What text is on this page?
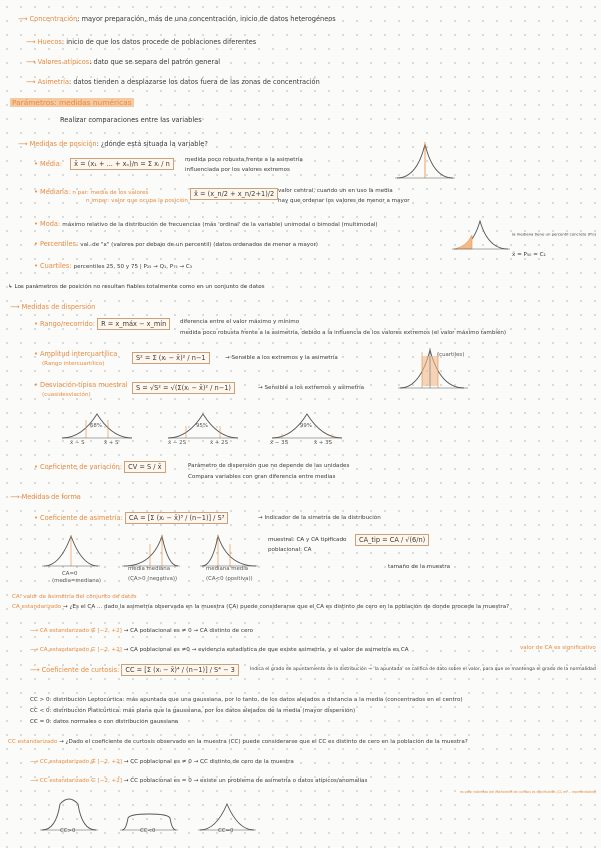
⟶ Concentración: mayor preparación, más de una concentración, inicio de datos heterogéneos
⟶ Huecos: inicio de que los datos procede de poblaciones diferentes
⟶ Valores atípicos: dato que se separa del patrón general
⟶ Asimetría: datos tienden a desplazarse los datos fuera de las zonas de concentración
Parámetros: medidas numéricas
Realizar comparaciones entre las variables
⟶ Medidas de posición: ¿dónde está situada la variable?
• Media: x̄ = (x₁ + ... + xₙ)/n = Σ xᵢ / n	medida poco robusta frente a la asimetría
influenciada por los valores extremos
• Mediana: n par: media de los valores
n impar: valor que ocupa la posición
x̃ = (x_n/2 + x_n/2+1)/2 valor central, cuando un en uso la media
hay que ordenar los valores de menor a mayor
• Moda: máximo relativo de la distribución de frecuencias (más 'ordinal' de la variable) unimodal o bimodal (multimodal)
• Percentiles: val. de "x" (valores por debajo de un percentil) (datos ordenados de menor a mayor)
la mediana tiene un percentil concreto (P₅₀)
x̃ = P₅₀ = C₂
• Cuartiles: percentiles 25, 50 y 75 | P₂₅ → Q₁, P₇₅ → C₃
↳ Los parámetros de posición no resultan fiables totalmente como en un conjunto de datos
⟶ Medidas de dispersión
• Rango/recorrido: R = x_máx − x_mín	diferencia entre el valor máximo y mínimo
medida poco robusta frente a la asimetría, debido a la influencia de los valores extremos (el valor máximo también)
• Amplitud intercuartílica
(Rango intercuartílico)
S² = Σ (xᵢ − x̄)² / n−1	→ Sensible a los extremos y la asimetría
• Desviación típica muestral
(cuasidesviación)
S = √S² = √(Σ(xᵢ − x̄)² / n−1)	→ Sensible a los extremos y asimetría
(cuartiles)
68%
x̄ − S	x̄ + S
95%
x̄ − 2S	x̄ + 2S
99%
x̄ − 3S	x̄ + 3S
• Coeficiente de variación: CV = S / x̄	Parámetro de dispersión que no depende de las unidades
Compara variables con gran diferencia entre medias
⟶ Medidas de forma
• Coeficiente de asimetría: CA = [Σ (xᵢ − x̄)³ / (n−1)] / S³	→ Indicador de la simetría de la distribución
muestral: CA y CA tipificado
poblacional: CA
CA_tip = CA / √(6/n)
tamaño de la muestra
CA=0
(media=mediana)
media mediana
(CA>0 (negativa))
mediana media
(CA<0 (positiva))
CA: valor de asimetría del conjunto de datos
CA estandarizado → ¿Es el CA ... dado la asimetría observada en la muestra (CA) puede considerarse que el CA es distinto de cero en la población de donde procede la muestra?
⟶ CA estandarizado ∉ [−2, +2] → CA poblacional es ≠ 0 → CA distinto de cero
⟶ CA estandarizado ∈ [−2, +2] → CA poblacional es ≠0 → evidencia estadística de que existe asimetría, y el valor de asimetría es CA	valor de CA es significativo
⟶ Coeficiente de curtosis: CC = [Σ (xᵢ − x̄)⁴ / (n−1)] / S⁴ − 3	Indica el grado de apuntamiento de la distribución → 'la apuntada' se califica de dato sobre el valor, para que se mantenga el grado de la normalidad
CC > 0: distribución Leptocúrtica: más apuntada que una gaussiana, por lo tanto, de los datos alejados a distancia a la media (concentrados en el centro)
CC < 0: distribución Platicúrtica: más plana que la gaussiana, por los datos alejados de la media (mayor dispersión)
CC = 0: datos normales o con distribución gaussiana
CC estandarizado → ¿Dado el coeficiente de curtosis observado en la muestra (CC) puede considerarse que el CC es distinto de cero en la población de la muestra?
⟶ CC estandarizado ∉ [−2, +2] → CC poblacional es ≠ 0 → CC distinto de cero de la muestra
⟶ CC estandarizado ∈ [−2, +2] → CC poblacional es = 0 → existe un problema de asimetría o datos atípicos/anomalías
es valor estimado del coeficiente de curtosis es significativo (CC es ... representativa)
CC>0	CC<0	CC=0
